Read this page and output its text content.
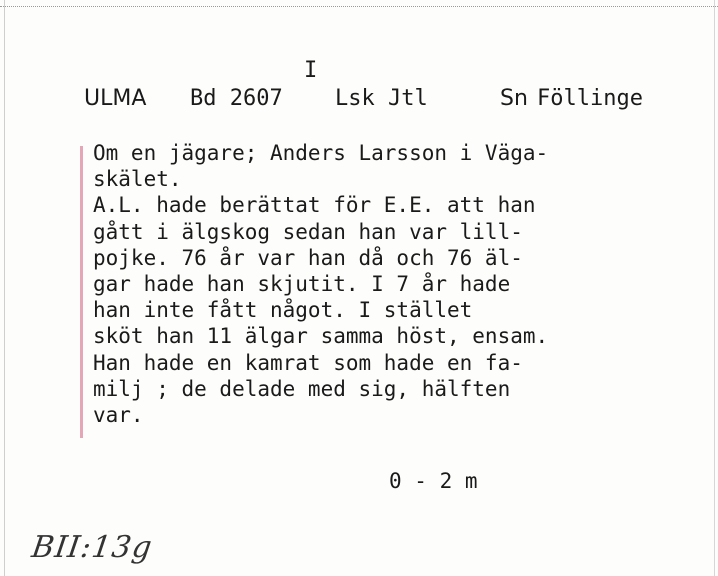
I
ULMA Bd 2607 Lsk Jtl	Sn Föllinge
Om en jägare; Anders Larsson i Väga-
skälet.
A.L. hade berättat för E.E. att han
gått i älgskog sedan han var lill-
pojke. 76 år var han då och 76 äl-
gar hade han skjutit. I 7 år hade
han inte fått något. I stället
sköt han 11 älgar samma höst, ensam.
Han hade en kamrat som hade en fa-
milj ; de delade med sig, hälften
var.
0 - 2 m
BII:13g
